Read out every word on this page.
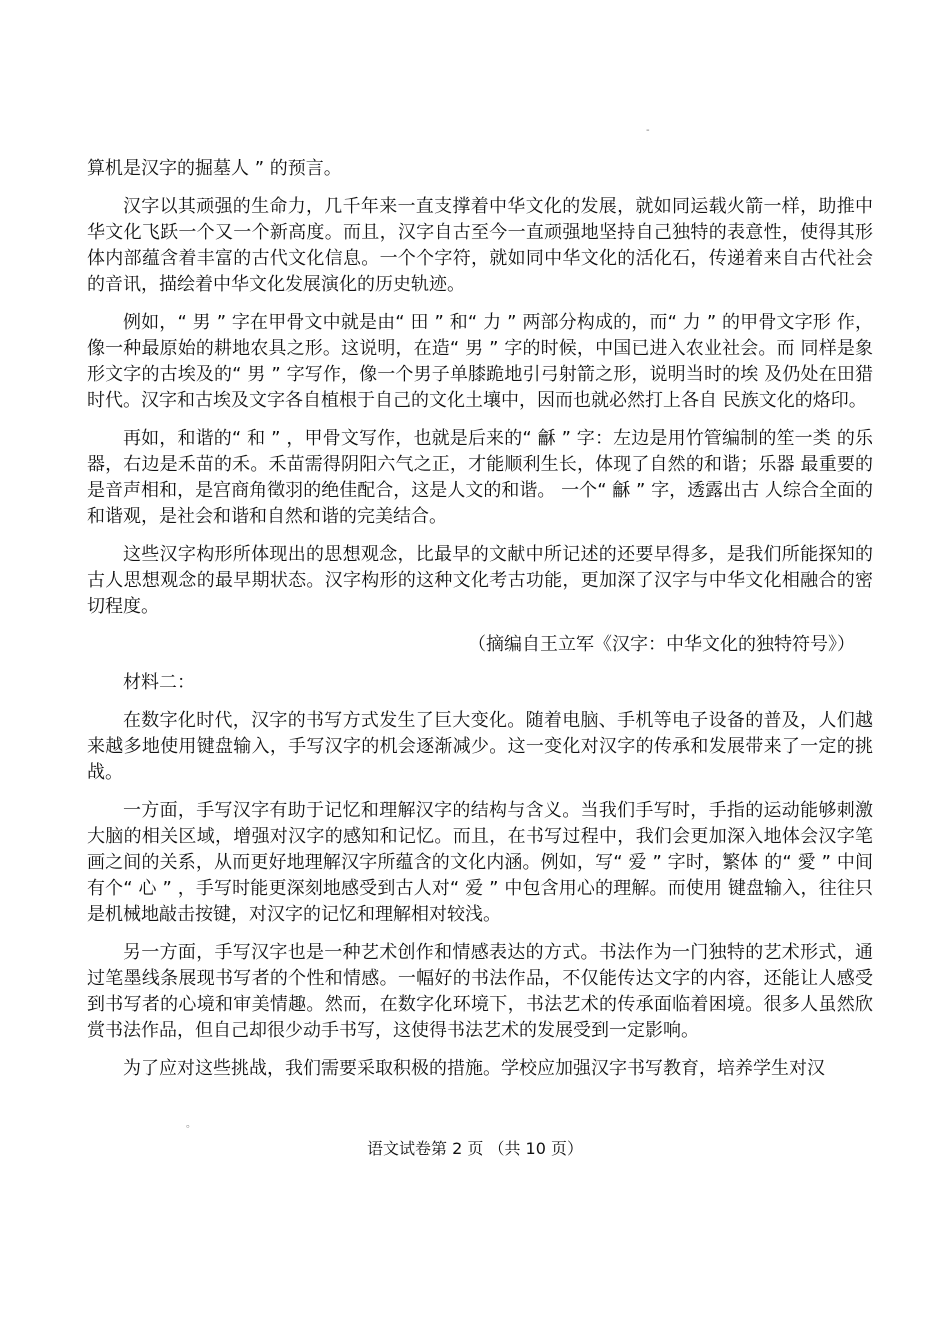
-

算机是汉字的掘墓人 ” 的预言。

汉字以其顽强的生命力，几千年来一直支撑着中华文化的发展，就如同运载火箭一样，助推中华文化飞跃一个又一个新高度。而且，汉字自古至今一直顽强地坚持自己独特的表意性，使得其形体内部蕴含着丰富的古代文化信息。一个个字符，就如同中华文化的活化石，传递着来自古代社会的音讯，描绘着中华文化发展演化的历史轨迹。

例如，“ 男 ” 字在甲骨文中就是由“ 田 ” 和“ 力 ” 两部分构成的，而“ 力 ” 的甲骨文字形 作，像一种最原始的耕地农具之形。这说明，在造“ 男 ” 字的时候，中国已进入农业社会。而 同样是象形文字的古埃及的“ 男 ” 字写作，像一个男子单膝跪地引弓射箭之形，说明当时的埃 及仍处在田猎时代。汉字和古埃及文字各自植根于自己的文化土壤中，因而也就必然打上各自 民族文化的烙印。

再如，和谐的“ 和 ” ，甲骨文写作，也就是后来的“ 龢 ” 字：左边是用竹管编制的笙一类 的乐器，右边是禾苗的禾。禾苗需得阴阳六气之正，才能顺利生长，体现了自然的和谐；乐器 最重要的是音声相和，是宫商角徵羽的绝佳配合，这是人文的和谐。 一个“ 龢 ” 字，透露出古 人综合全面的和谐观，是社会和谐和自然和谐的完美结合。

这些汉字构形所体现出的思想观念，比最早的文献中所记述的还要早得多，是我们所能探知的古人思想观念的最早期状态。汉字构形的这种文化考古功能，更加深了汉字与中华文化相融合的密切程度。

（摘编自王立军《汉字：中华文化的独特符号》）

材料二：

在数字化时代，汉字的书写方式发生了巨大变化。随着电脑、手机等电子设备的普及，人们越来越多地使用键盘输入，手写汉字的机会逐渐减少。这一变化对汉字的传承和发展带来了一定的挑战。

一方面，手写汉字有助于记忆和理解汉字的结构与含义。当我们手写时，手指的运动能够刺激大脑的相关区域，增强对汉字的感知和记忆。而且，在书写过程中，我们会更加深入地体会汉字笔画之间的关系，从而更好地理解汉字所蕴含的文化内涵。例如，写“ 爱 ” 字时，繁体 的“ 愛 ” 中间有个“ 心 ” ，手写时能更深刻地感受到古人对“ 爱 ” 中包含用心的理解。而使用 键盘输入，往往只是机械地敲击按键，对汉字的记忆和理解相对较浅。

另一方面，手写汉字也是一种艺术创作和情感表达的方式。书法作为一门独特的艺术形式，通过笔墨线条展现书写者的个性和情感。一幅好的书法作品，不仅能传达文字的内容，还能让人感受到书写者的心境和审美情趣。然而，在数字化环境下，书法艺术的传承面临着困境。很多人虽然欣赏书法作品，但自己却很少动手书写，这使得书法艺术的发展受到一定影响。

为了应对这些挑战，我们需要采取积极的措施。学校应加强汉字书写教育，培养学生对汉

。
语文试卷第 2 页 （共 10 页）
